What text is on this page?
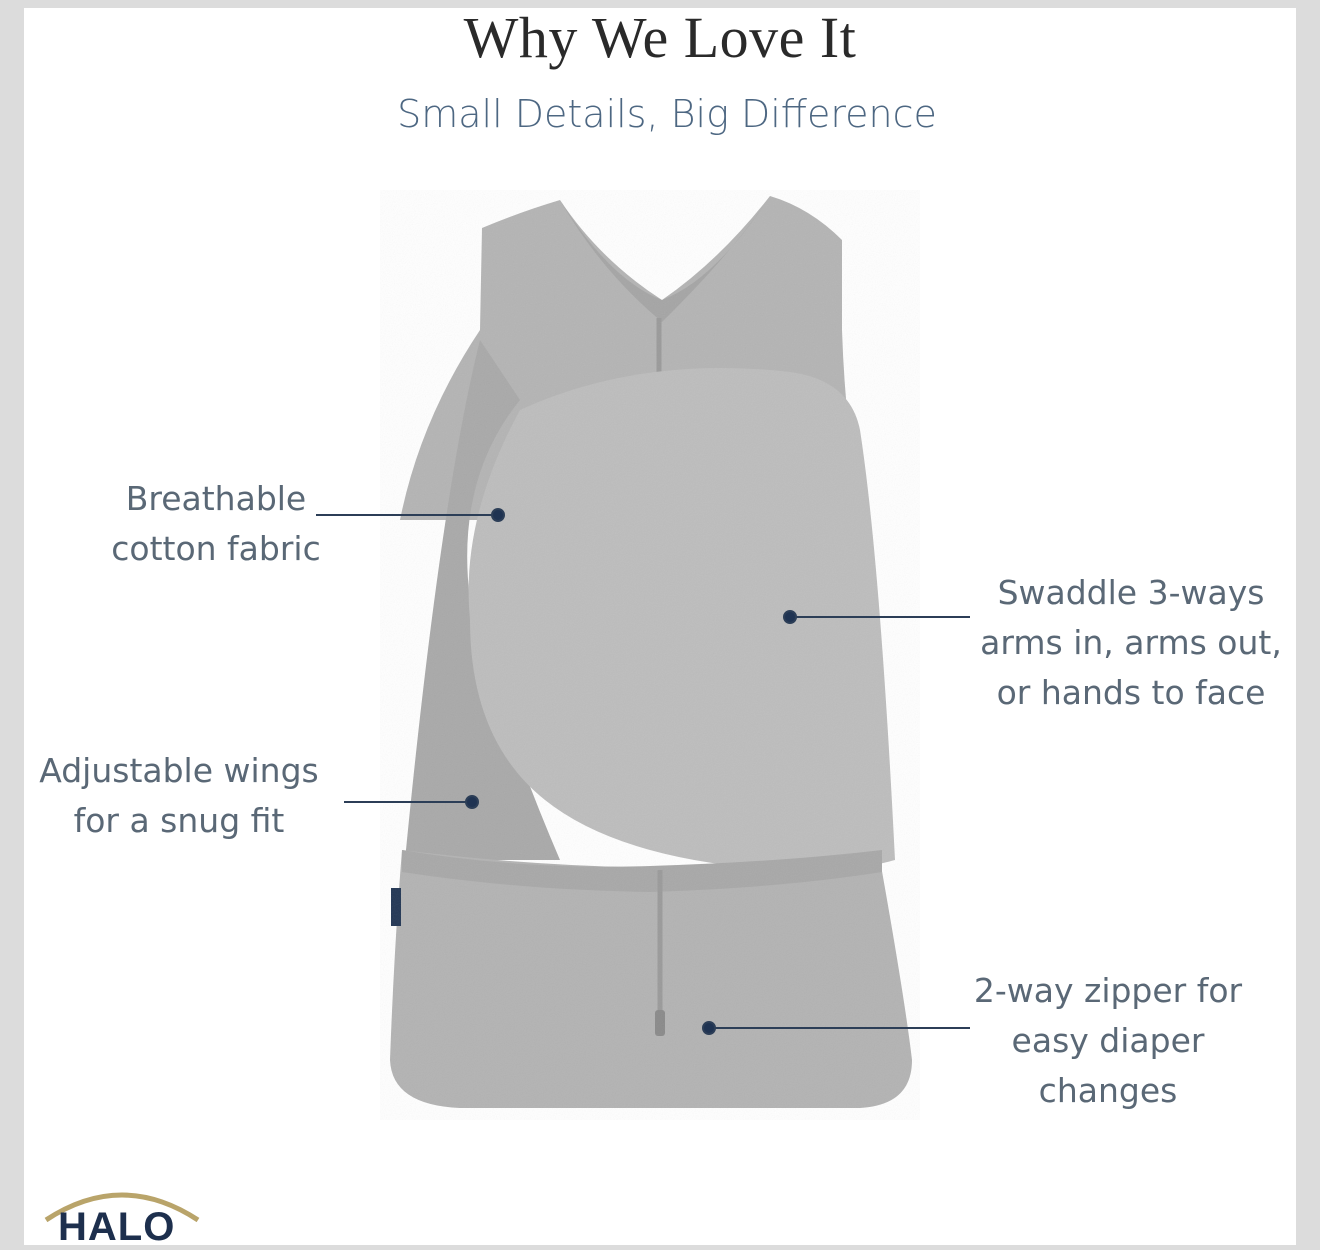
Why We Love It
Small Details, Big Difference
Breathable
cotton fabric
Adjustable wings
for a snug fit
Swaddle 3-ways
arms in, arms out,
or hands to face
2-way zipper for
easy diaper
changes
HALO
